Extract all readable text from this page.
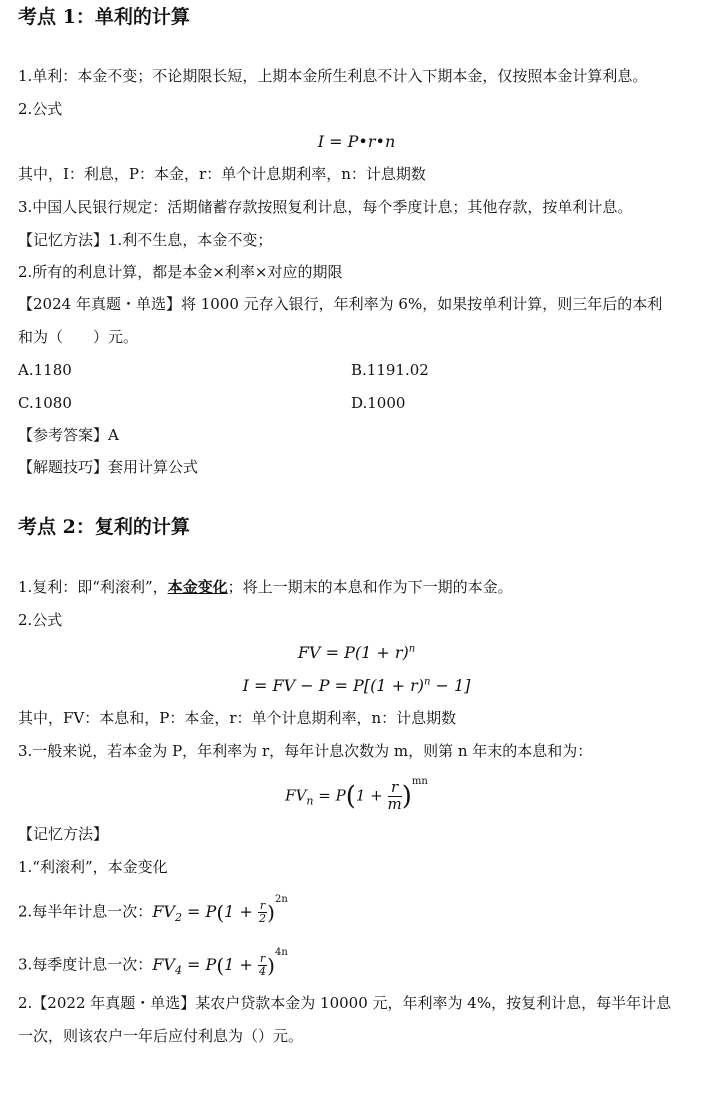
考点 1：单利的计算
1.单利：本金不变；不论期限长短，上期本金所生利息不计入下期本金，仅按照本金计算利息。
2.公式
I = P•r•n
其中，I：利息，P：本金，r：单个计息期利率，n：计息期数
3.中国人民银行规定：活期储蓄存款按照复利计息，每个季度计息；其他存款，按单利计息。
【记忆方法】1.利不生息，本金不变；
2.所有的利息计算，都是本金×利率×对应的期限
【2024 年真题・单选】将 1000 元存入银行，年利率为 6%，如果按单利计算，则三年后的本利
和为（　　）元。
A.1180	B.1191.02
C.1080	D.1000
【参考答案】A
【解题技巧】套用计算公式
考点 2：复利的计算
1.复利：即“利滚利”，本金变化；将上一期末的本息和作为下一期的本金。
2.公式
FV = $P(1 + r)^n$
I = FV − $P = P[(1 + r)^n - 1]$
其中，FV：本息和，P：本金，r：单个计息期利率，n：计息期数
3.一般来说，若本金为 P，年利率为 r，每年计息次数为 m，则第 n 年末的本息和为：
$FV_n = P(1 + \frac{r}{m} )^{mn}$
【记忆方法】
1.“利滚利”，本金变化
2.每半年计息一次：$FV_2 = P(1 + \frac{r}{2} )^{2n}$
3.每季度计息一次：$FV_4 = P(1 + \frac{r}{4} )^{4n}$
2.【2022 年真题・单选】某农户贷款本金为 10000 元，年利率为 4%，按复利计息，每半年计息
一次，则该农户一年后应付利息为（）元。
